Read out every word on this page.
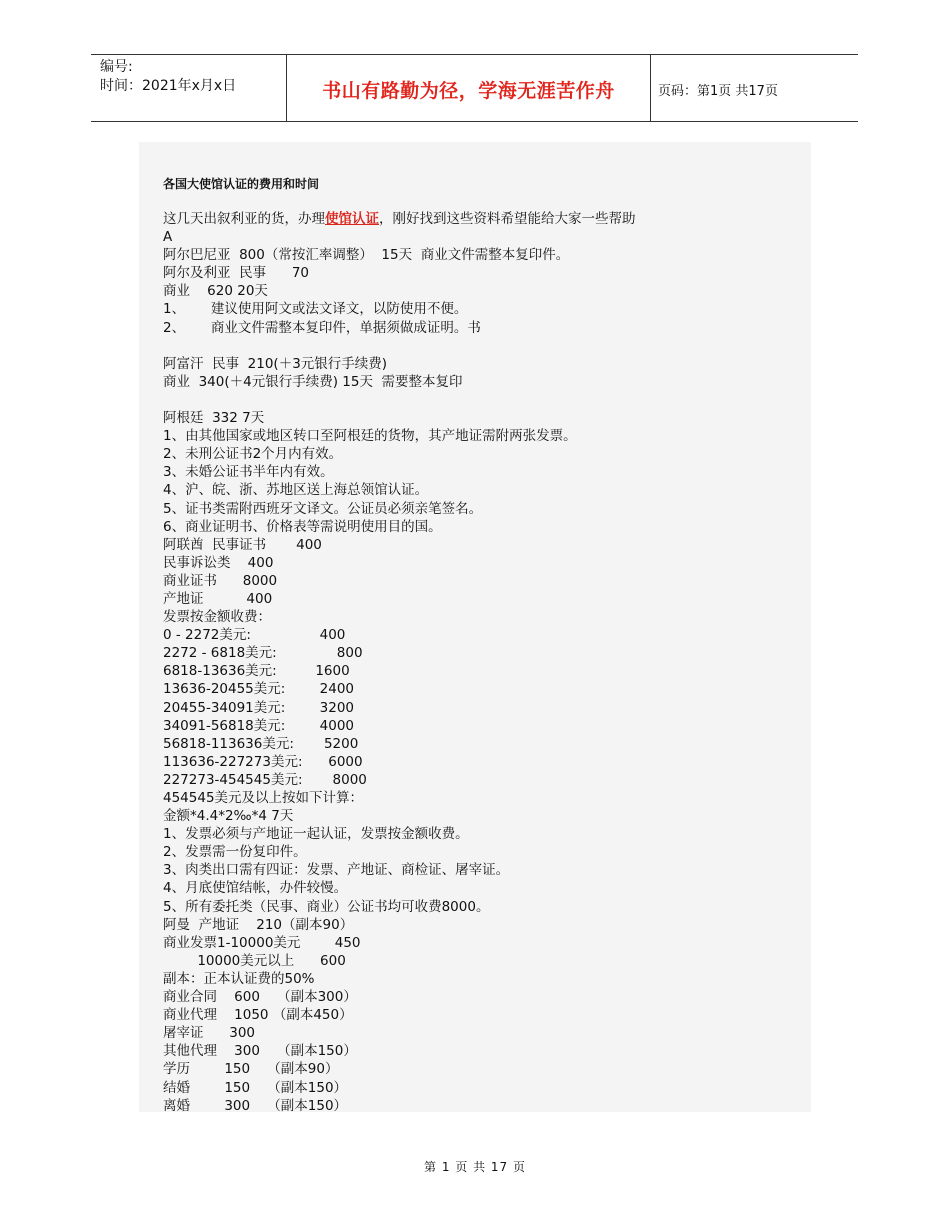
编号:
时间：2021年x月x日	书山有路勤为径，学海无涯苦作舟	页码：第1页 共17页
各国大使馆认证的费用和时间
这几天出叙利亚的货，办理使馆认证，刚好找到这些资料希望能给大家一些帮助
A
阿尔巴尼亚  800（常按汇率调整）  15天  商业文件需整本复印件。
阿尔及利亚  民事      70
商业    620 20天
1、      建议使用阿文或法文译文，以防使用不便。
2、      商业文件需整本复印件，单据须做成证明。书
阿富汗  民事  210(＋3元银行手续费)
商业  340(＋4元银行手续费) 15天  需要整本复印
阿根廷  332 7天
1、由其他国家或地区转口至阿根廷的货物，其产地证需附两张发票。
2、未刑公证书2个月内有效。
3、未婚公证书半年内有效。
4、沪、皖、浙、苏地区送上海总领馆认证。
5、证书类需附西班牙文译文。公证员必须亲笔签名。
6、商业证明书、价格表等需说明使用目的国。
阿联酋  民事证书       400
民事诉讼类    400
商业证书      8000
产地证          400
发票按金额收费：
0 - 2272美元:                400
2272 - 6818美元:              800
6818-13636美元:         1600
13636-20455美元:        2400
20455-34091美元:        3200
34091-56818美元:        4000
56818-113636美元:       5200
113636-227273美元:      6000
227273-454545美元:       8000
454545美元及以上按如下计算：
金额*4.4*2‰*4 7天
1、发票必须与产地证一起认证，发票按金额收费。
2、发票需一份复印件。
3、肉类出口需有四证：发票、产地证、商检证、屠宰证。
4、月底使馆结帐，办件较慢。
5、所有委托类（民事、商业）公证书均可收费8000。
阿曼  产地证    210（副本90）
商业发票1-10000美元        450
10000美元以上      600
副本：正本认证费的50%
商业合同    600    （副本300）
商业代理    1050 （副本450）
屠宰证      300
其他代理    300    （副本150）
学历        150    （副本90）
结婚        150    （副本150）
离婚        300    （副本150）
第 1 页 共 17 页
